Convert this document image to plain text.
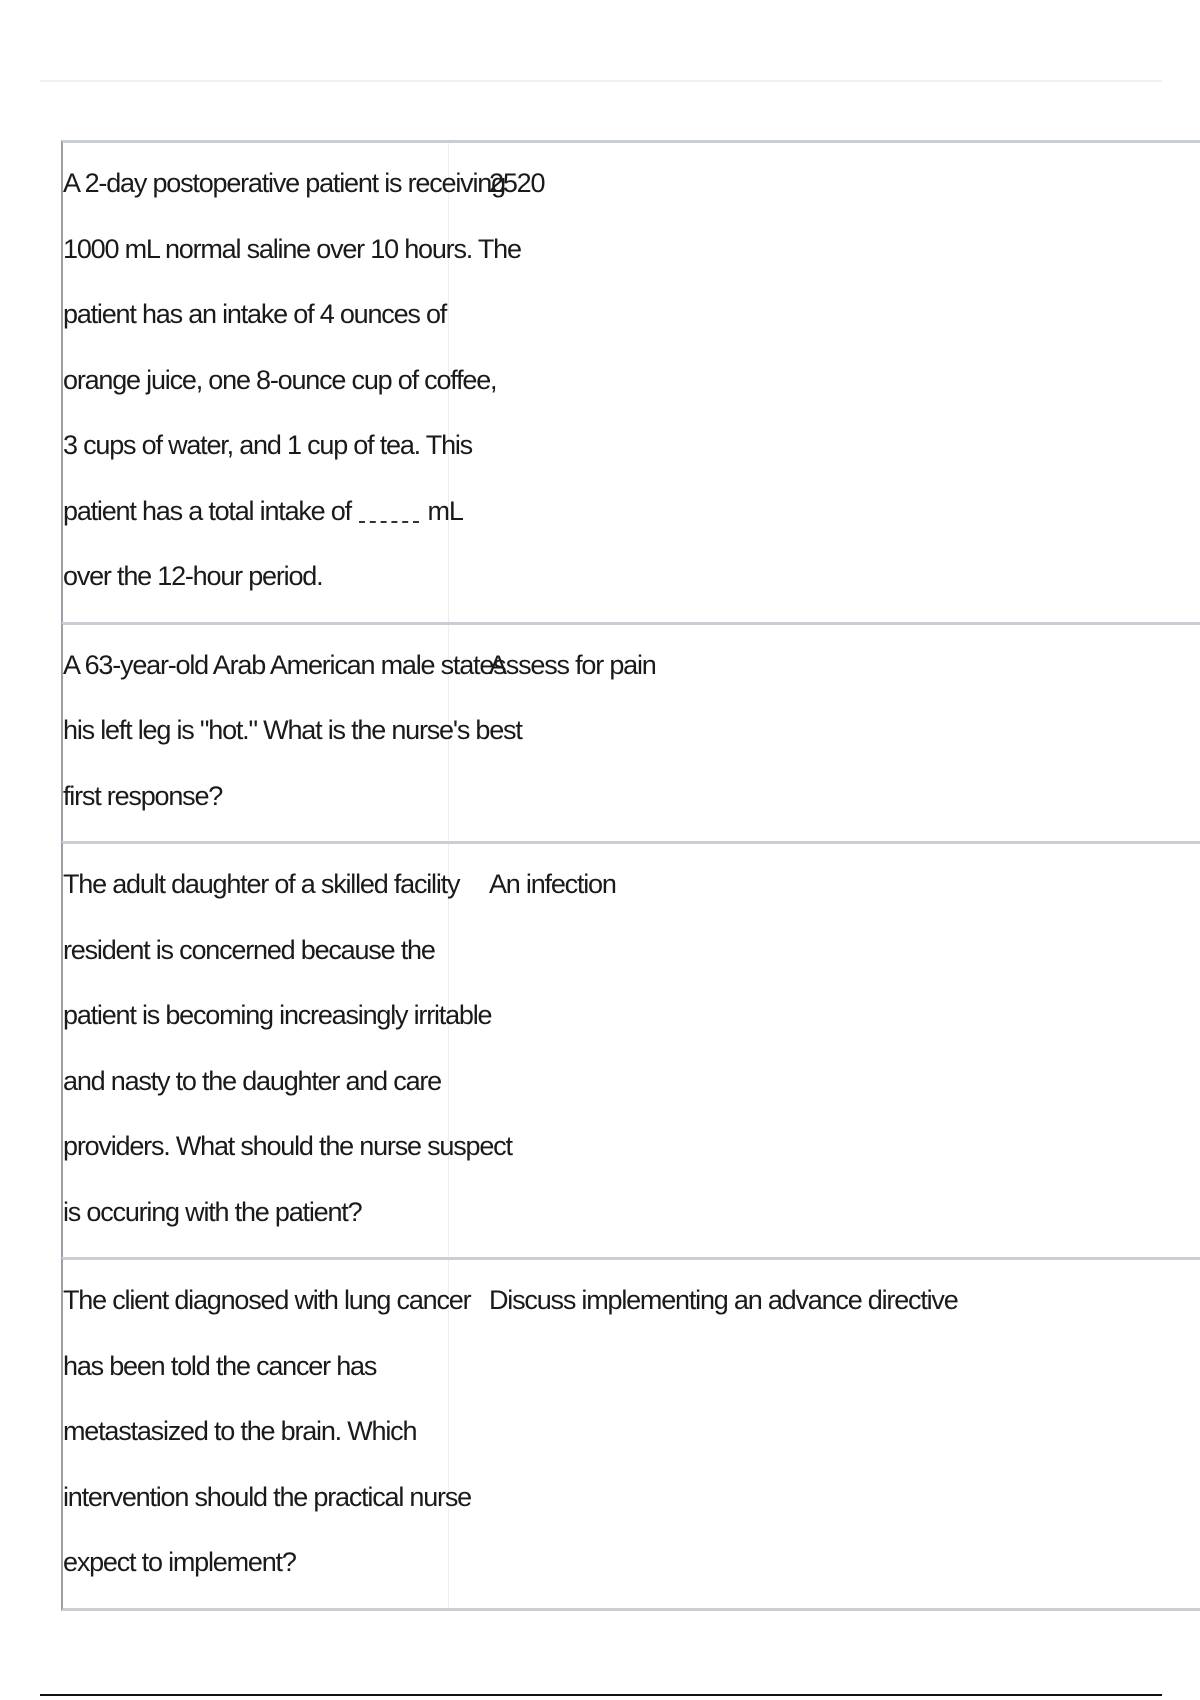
A 2-day postoperative patient is receiving
1000 mL normal saline over 10 hours. The
patient has an intake of 4 ounces of
orange juice, one 8-ounce cup of coffee,
3 cups of water, and 1 cup of tea. This
patient has a total intake of	mL
over the 12-hour period.
2520
A 63-year-old Arab American male states
his left leg is "hot." What is the nurse's best
first response?
Assess for pain
The adult daughter of a skilled facility
resident is concerned because the
patient is becoming increasingly irritable
and nasty to the daughter and care
providers. What should the nurse suspect
is occuring with the patient?
An infection
The client diagnosed with lung cancer
has been told the cancer has
metastasized to the brain. Which
intervention should the practical nurse
expect to implement?
Discuss implementing an advance directive
